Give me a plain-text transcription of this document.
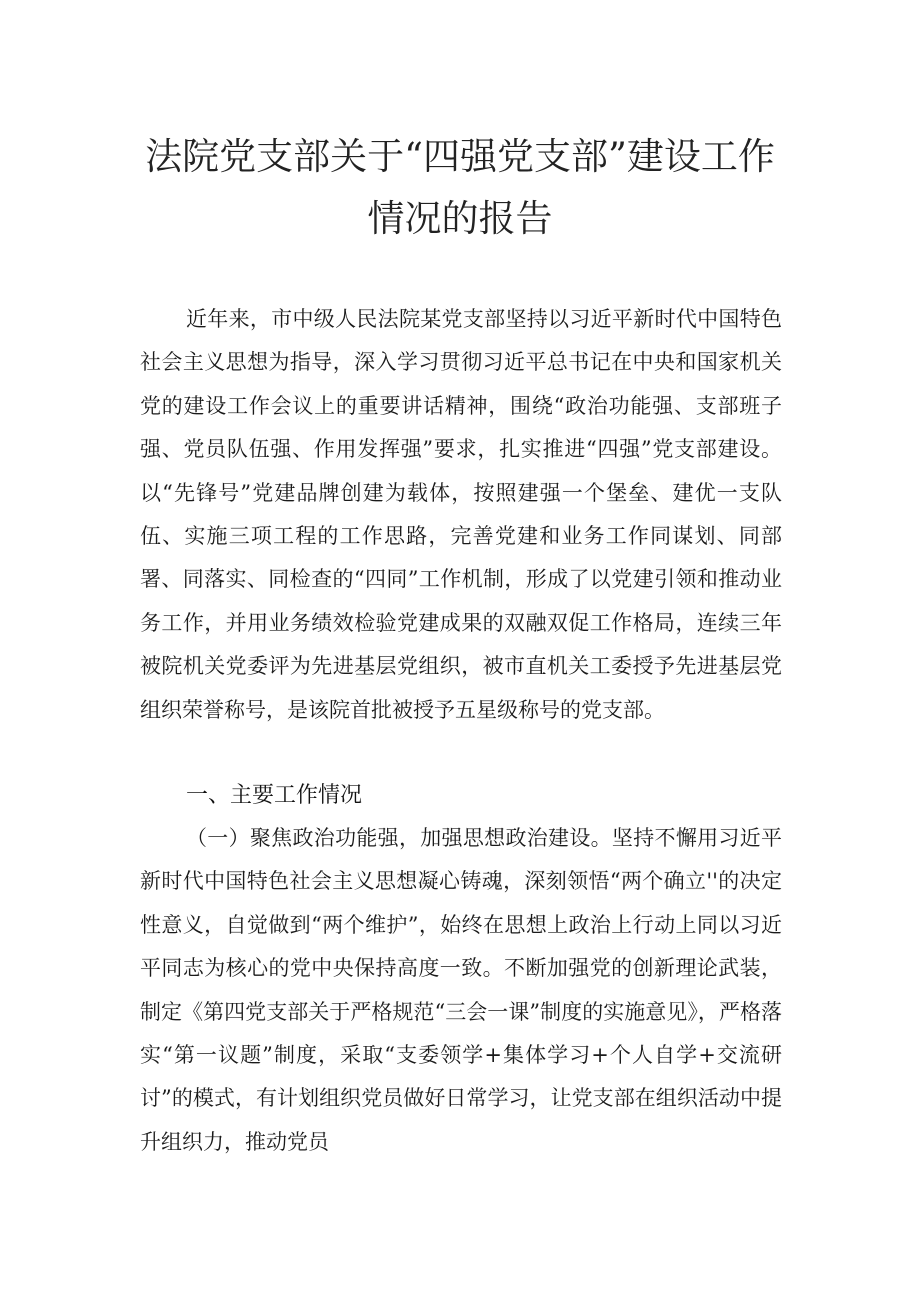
法院党支部关于“四强党支部”建设工作
情况的报告

近年来，市中级人民法院某党支部坚持以习近平新时代中国特色社会主义思想为指导，深入学习贯彻习近平总书记在中央和国家机关党的建设工作会议上的重要讲话精神，围绕“政治功能强、支部班子强、党员队伍强、作用发挥强”要求，扎实推进“四强”党支部建设。以“先锋号”党建品牌创建为载体，按照建强一个堡垒、建优一支队伍、实施三项工程的工作思路，完善党建和业务工作同谋划、同部署、同落实、同检查的“四同”工作机制，形成了以党建引领和推动业务工作，并用业务绩效检验党建成果的双融双促工作格局，连续三年被院机关党委评为先进基层党组织，被市直机关工委授予先进基层党组织荣誉称号，是该院首批被授予五星级称号的党支部。

一、主要工作情况

（一）聚焦政治功能强，加强思想政治建设。坚持不懈用习近平新时代中国特色社会主义思想凝心铸魂，深刻领悟“两个确立''的决定性意义，自觉做到“两个维护”，始终在思想上政治上行动上同以习近平同志为核心的党中央保持高度一致。不断加强党的创新理论武装，制定《第四党支部关于严格规范“三会一课”制度的实施意见》，严格落实“第一议题”制度，采取“支委领学+集体学习+个人自学+交流研讨”的模式，有计划组织党员做好日常学习，让党支部在组织活动中提升组织力，推动党员
